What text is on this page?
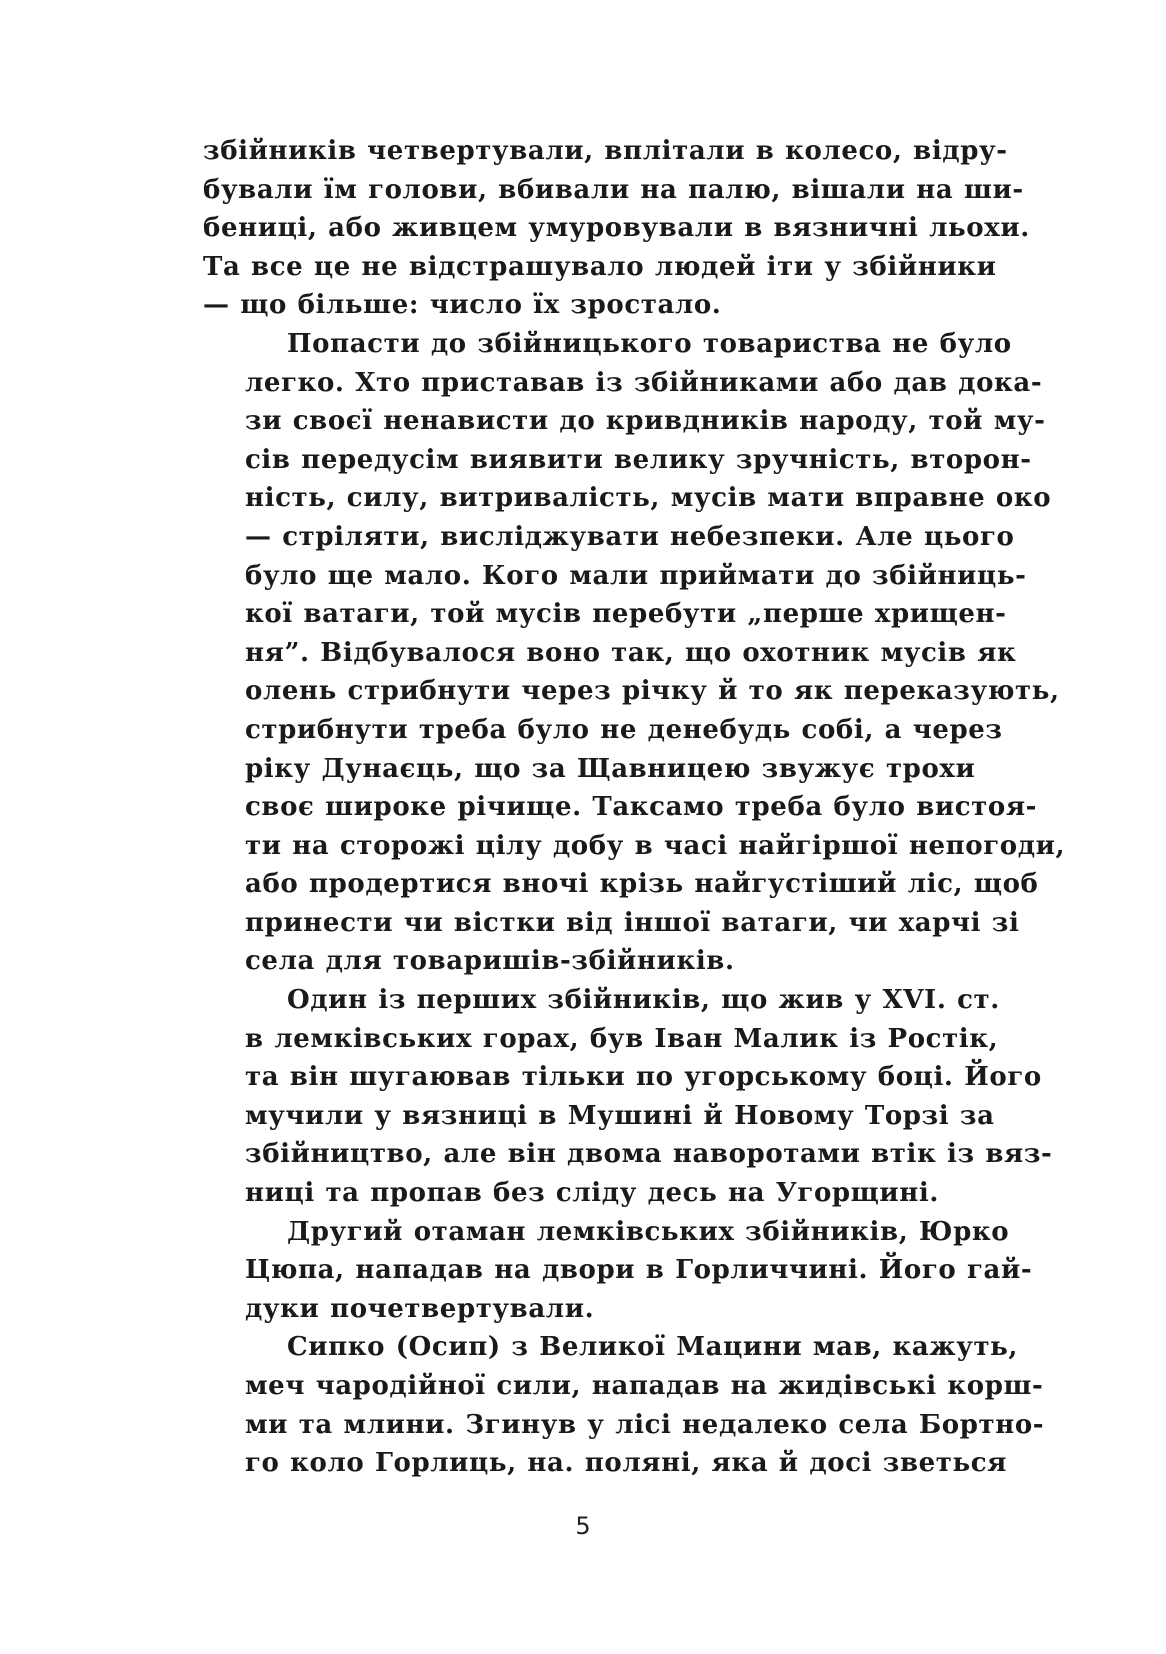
збійників четвертували, вплітали в колесо, відру-
бували їм голови, вбивали на палю, вішали на ши-
бениці, або живцем умуровували в вязничні льохи.
Та все це не відстрашувало людей іти у збійники
— що більше: число їх зростало.
Попасти до збійницького товариства не було
легко. Хто приставав із збійниками або дав дока-
зи своєї ненависти до кривдників народу, той му-
сів передусім виявити велику зручність, второн-
ність, силу, витривалість, мусів мати вправне око
— стріляти, висліджувати небезпеки. Але цього
було ще мало. Кого мали приймати до збійниць-
кої ватаги, той мусів перебути „перше хрищен-
ня”. Відбувалося воно так, що охотник мусів як
олень стрибнути через річку й то як переказують,
стрибнути треба було не денебудь собі, а через
ріку Дунаєць, що за Щавницею звужує трохи
своє широке річище. Таксамо треба було вистоя-
ти на сторожі цілу добу в часі найгіршої непогоди,
або продертися вночі крізь найгустіший ліс, щоб
принести чи вістки від іншої ватаги, чи харчі зі
села для товаришів-збійників.
Один із перших збійників, що жив у XVI. ст.
в лемківських горах, був Іван Малик із Ростік,
та він шугаював тільки по угорському боці. Його
мучили у вязниці в Мушині й Новому Торзі за
збійництво, але він двома наворотами втік із вяз-
ниці та пропав без сліду десь на Угорщині.
Другий отаман лемківських збійників, Юрко
Цюпа, нападав на двори в Горличчині. Його гай-
дуки почетвертували.
Сипко (Осип) з Великої Мацини мав, кажуть,
меч чародійної сили, нападав на жидівські корш-
ми та млини. Згинув у лісі недалеко села Бортно-
го коло Горлиць, на. поляні, яка й досі зветься
5
